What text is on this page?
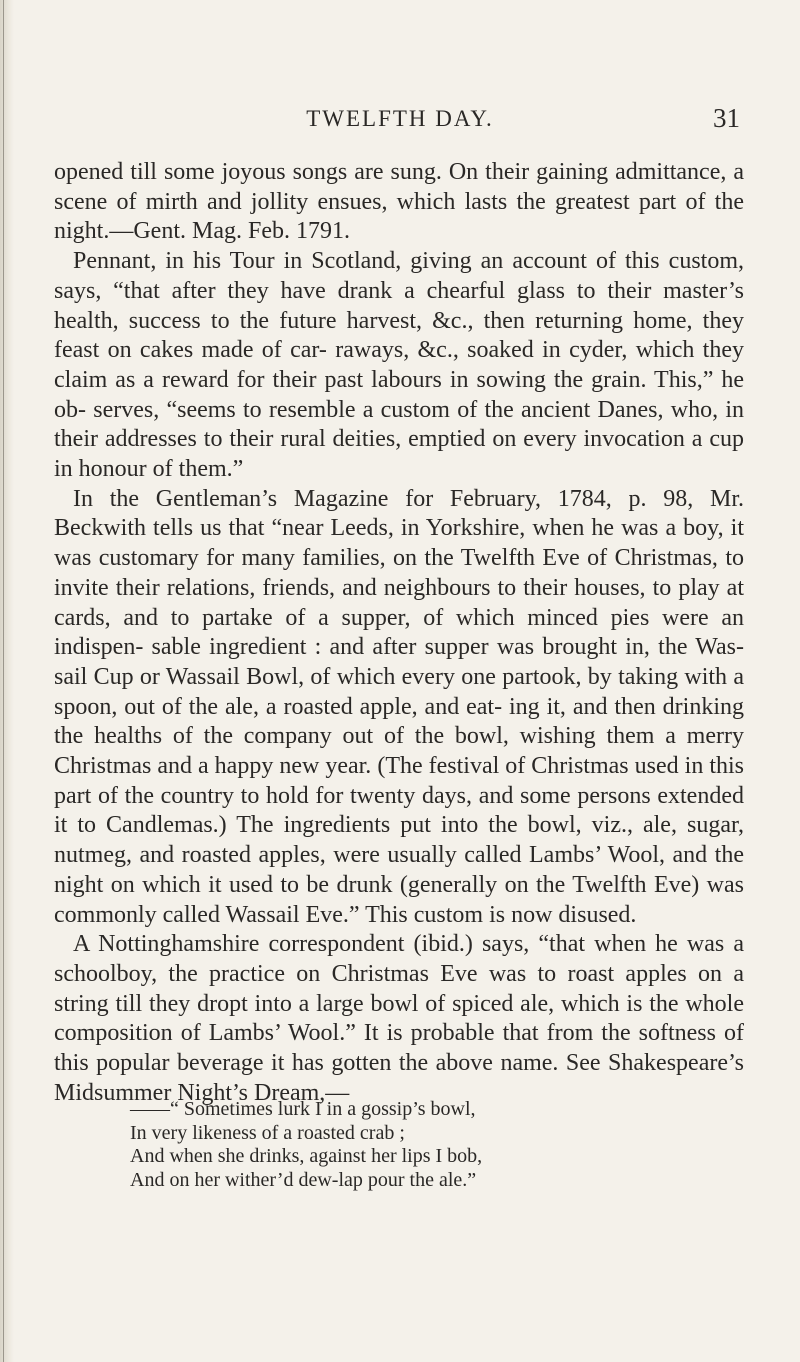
TWELFTH DAY.	31

opened till some joyous songs are sung. On their gaining admittance, a scene of mirth and jollity ensues, which lasts the greatest part of the night.—Gent. Mag. Feb. 1791.

Pennant, in his Tour in Scotland, giving an account of this custom, says, “that after they have drank a chearful glass to their master’s health, success to the future harvest, &c., then returning home, they feast on cakes made of car- raways, &c., soaked in cyder, which they claim as a reward for their past labours in sowing the grain. This,” he ob- serves, “seems to resemble a custom of the ancient Danes, who, in their addresses to their rural deities, emptied on every invocation a cup in honour of them.”

In the Gentleman’s Magazine for February, 1784, p. 98, Mr. Beckwith tells us that “near Leeds, in Yorkshire, when he was a boy, it was customary for many families, on the Twelfth Eve of Christmas, to invite their relations, friends, and neighbours to their houses, to play at cards, and to partake of a supper, of which minced pies were an indispen- sable ingredient : and after supper was brought in, the Was- sail Cup or Wassail Bowl, of which every one partook, by taking with a spoon, out of the ale, a roasted apple, and eat- ing it, and then drinking the healths of the company out of the bowl, wishing them a merry Christmas and a happy new year. (The festival of Christmas used in this part of the country to hold for twenty days, and some persons extended it to Candlemas.) The ingredients put into the bowl, viz., ale, sugar, nutmeg, and roasted apples, were usually called Lambs’ Wool, and the night on which it used to be drunk (generally on the Twelfth Eve) was commonly called Wassail Eve.” This custom is now disused.

A Nottinghamshire correspondent (ibid.) says, “that when he was a schoolboy, the practice on Christmas Eve was to roast apples on a string till they dropt into a large bowl of spiced ale, which is the whole composition of Lambs’ Wool.” It is probable that from the softness of this popular beverage it has gotten the above name. See Shakespeare’s Midsummer Night’s Dream,—

——“ Sometimes lurk I in a gossip’s bowl,
In very likeness of a roasted crab ;
And when she drinks, against her lips I bob,
And on her wither’d dew-lap pour the ale.”
